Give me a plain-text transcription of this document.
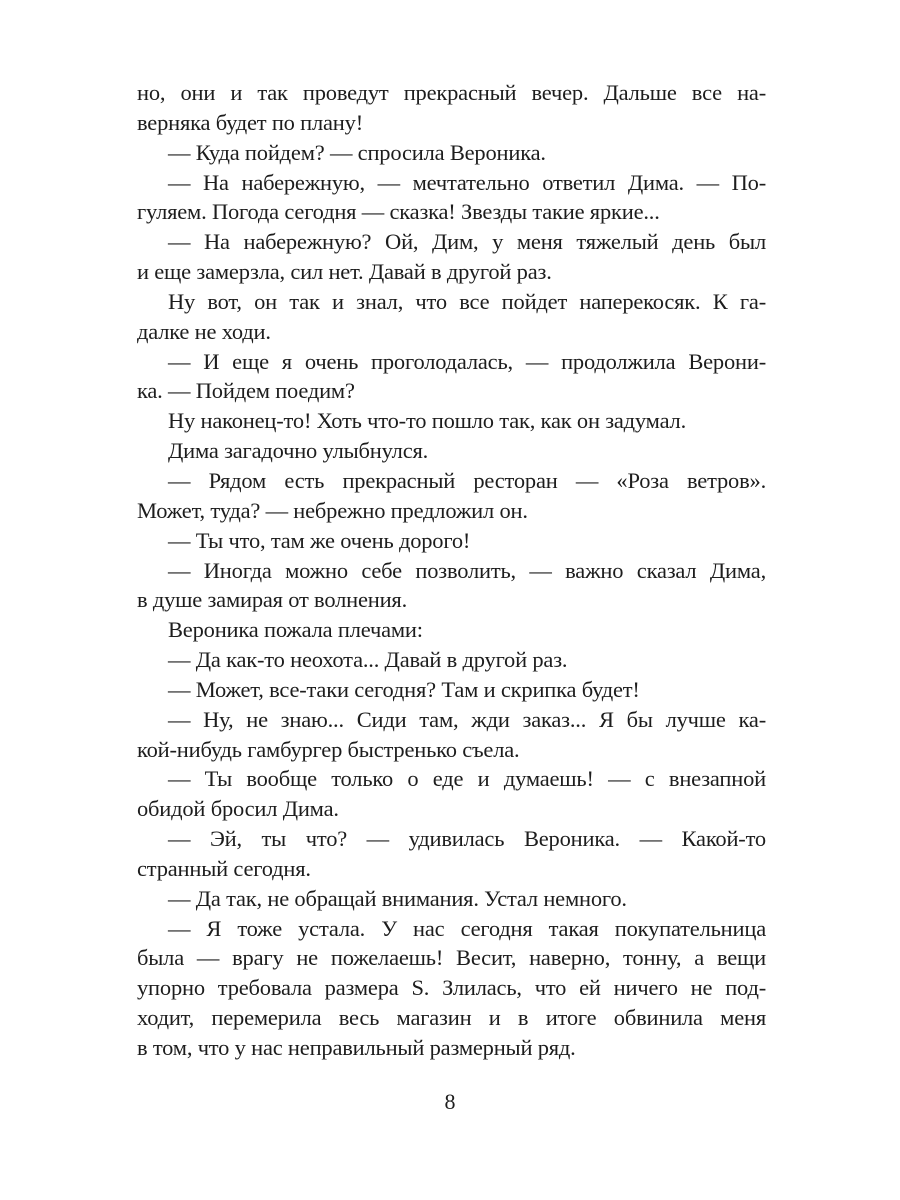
но, они и так проведут прекрасный вечер. Дальше все на-
верняка будет по плану!
— Куда пойдем? — спросила Вероника.
— На набережную, — мечтательно ответил Дима. — По-
гуляем. Погода сегодня — сказка! Звезды такие яркие...
— На набережную? Ой, Дим, у меня тяжелый день был
и еще замерзла, сил нет. Давай в другой раз.
Ну вот, он так и знал, что все пойдет наперекосяк. К га-
далке не ходи.
— И еще я очень проголодалась, — продолжила Верони-
ка. — Пойдем поедим?
Ну наконец-то! Хоть что-то пошло так, как он задумал.
Дима загадочно улыбнулся.
— Рядом есть прекрасный ресторан — «Роза ветров».
Может, туда? — небрежно предложил он.
— Ты что, там же очень дорого!
— Иногда можно себе позволить, — важно сказал Дима,
в душе замирая от волнения.
Вероника пожала плечами:
— Да как-то неохота... Давай в другой раз.
— Может, все-таки сегодня? Там и скрипка будет!
— Ну, не знаю... Сиди там, жди заказ... Я бы лучше ка-
кой-нибудь гамбургер быстренько съела.
— Ты вообще только о еде и думаешь! — с внезапной
обидой бросил Дима.
— Эй, ты что? — удивилась Вероника. — Какой-то
странный сегодня.
— Да так, не обращай внимания. Устал немного.
— Я тоже устала. У нас сегодня такая покупательница
была — врагу не пожелаешь! Весит, наверно, тонну, а вещи
упорно требовала размера S. Злилась, что ей ничего не под-
ходит, перемерила весь магазин и в итоге обвинила меня
в том, что у нас неправильный размерный ряд.
8
